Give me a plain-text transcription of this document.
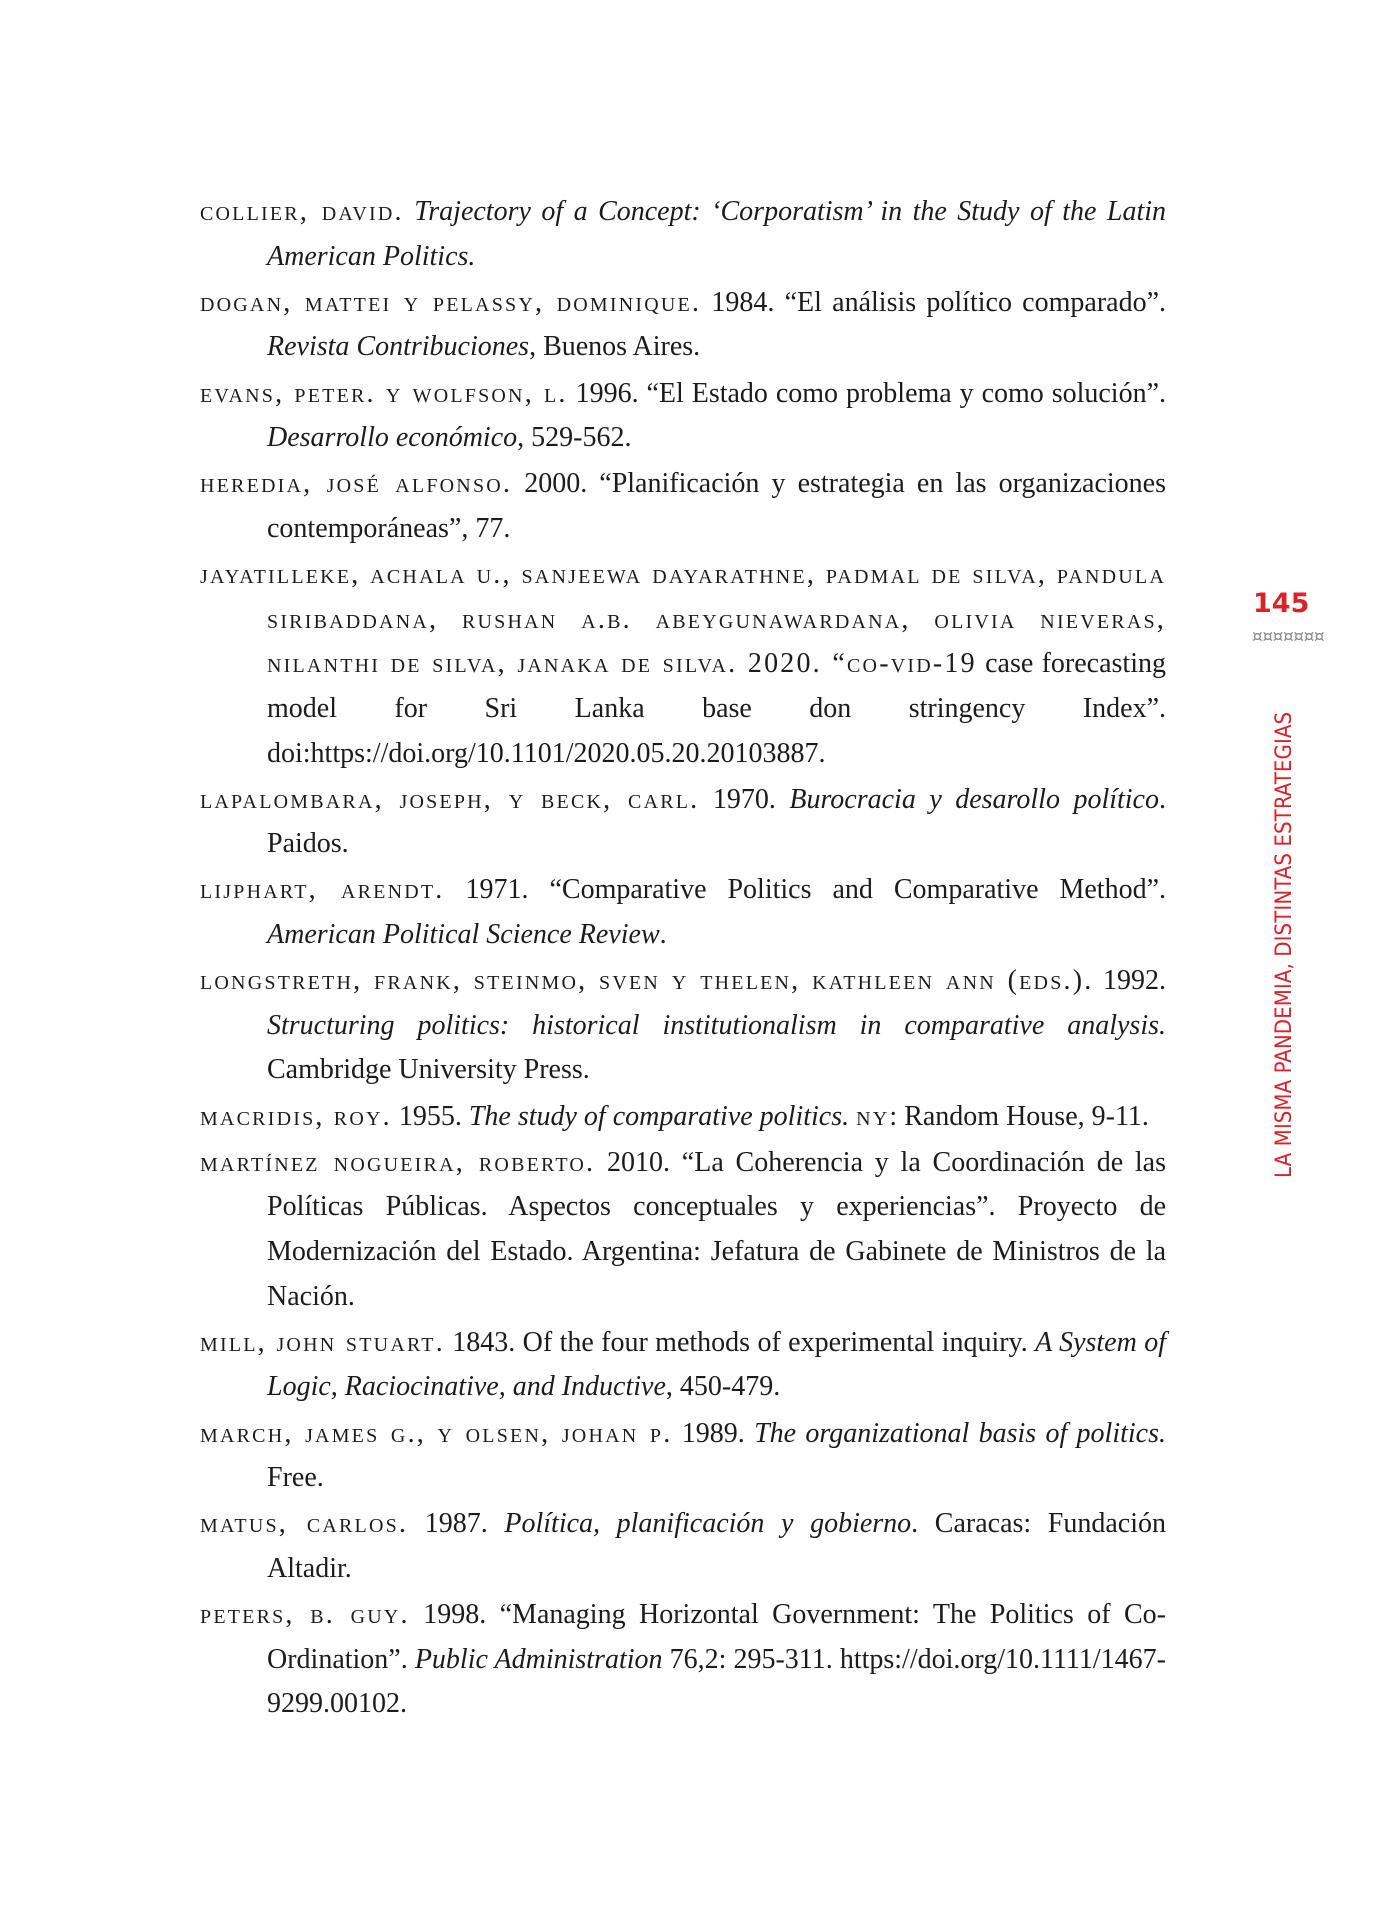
collier, david. Trajectory of a Concept: ‘Corporatism’ in the Study of the Latin American Politics.
dogan, mattei y pelassy, dominique. 1984. “El análisis político comparado”. Revista Contribuciones, Buenos Aires.
evans, peter. y wolfson, l. 1996. “El Estado como problema y como solución”. Desarrollo económico, 529-562.
heredia, josé alfonso. 2000. “Planificación y estrategia en las organizaciones contemporáneas”, 77.
jayatilleke, achala u., sanjeewa dayarathne, padmal de silva, pandula siribaddana, rushan a.b. abeygunawardana, olivia nieveras, nilanthi de silva, janaka de silva. 2020. “co-vid-19 case forecasting model for Sri Lanka base don stringency Index”. doi:https://doi.org/10.1101/2020.05.20.20103887.
lapalombara, joseph, y beck, carl. 1970. Burocracia y desarollo político. Paidos.
lijphart, arendt. 1971. “Comparative Politics and Comparative Method”. American Political Science Review.
longstreth, frank, steinmo, sven y thelen, kathleen ann (eds.). 1992. Structuring politics: historical institutionalism in comparative analysis. Cambridge University Press.
macridis, roy. 1955. The study of comparative politics. ny: Random House, 9-11.
martínez nogueira, roberto. 2010. “La Coherencia y la Coordinación de las Políticas Públicas. Aspectos conceptuales y experiencias”. Proyecto de Modernización del Estado. Argentina: Jefatura de Gabinete de Ministros de la Nación.
mill, john stuart. 1843. Of the four methods of experimental inquiry. A System of Logic, Raciocinative, and Inductive, 450-479.
march, james g., y olsen, johan p. 1989. The organizational basis of politics. Free.
matus, carlos. 1987. Política, planificación y gobierno. Caracas: Fundación Altadir.
peters, b. guy. 1998. “Managing Horizontal Government: The Politics of Co-Ordination”. Public Administration 76,2: 295-311. https://doi.org/10.1111/1467-9299.00102.
145
¤¤¤¤¤¤¤
LA MISMA PANDEMIA, DISTINTAS ESTRATEGIAS
